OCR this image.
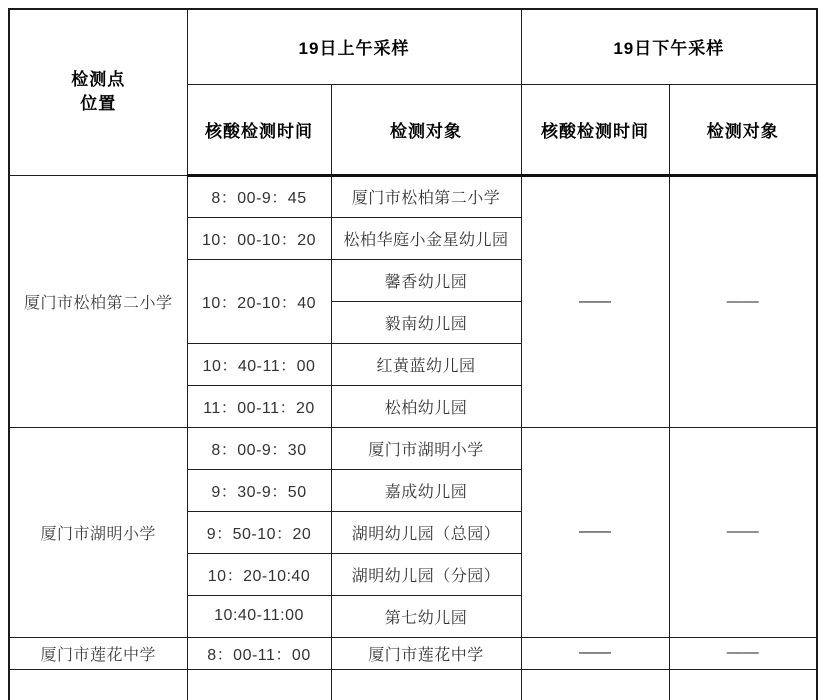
检测点
位置	19日上午采样		19日下午采样	
	核酸检测时间	检测对象	核酸检测时间	检测对象
厦门市松柏第二小学	8：00-9：45	厦门市松柏第二小学	——	——
	10：00-10：20	松柏华庭小金星幼儿园		
	10：20-10：40	馨香幼儿园		
		毅南幼儿园		
	10：40-11：00	红黄蓝幼儿园		
	11：00-11：20	松柏幼儿园		
厦门市湖明小学	8：00-9：30	厦门市湖明小学	——	——
	9：30-9：50	嘉成幼儿园		
	9：50-10：20	湖明幼儿园（总园）		
	10：20-10:40	湖明幼儿园（分园）		
	10:40-11:00	第七幼儿园		
厦门市莲花中学	8：00-11：00	厦门市莲花中学	——	——
